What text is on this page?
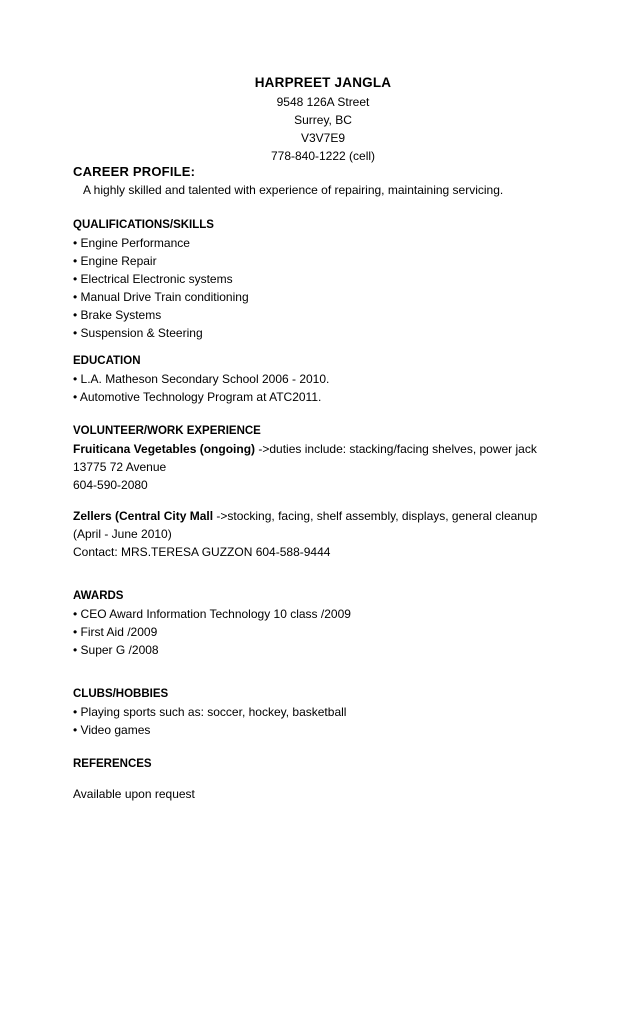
HARPREET JANGLA
9548 126A Street
Surrey, BC
V3V7E9
778-840-1222 (cell)
CAREER PROFILE:
A highly skilled and talented with experience of repairing, maintaining servicing.
QUALIFICATIONS/SKILLS
• Engine Performance
• Engine Repair
• Electrical Electronic systems
• Manual Drive Train conditioning
• Brake Systems
• Suspension & Steering
EDUCATION
• L.A. Matheson Secondary School 2006 - 2010.
• Automotive Technology Program at ATC2011.
VOLUNTEER/WORK EXPERIENCE
Fruiticana Vegetables (ongoing) ->duties include: stacking/facing shelves, power jack
13775 72 Avenue
604-590-2080
Zellers (Central City Mall ->stocking, facing, shelf assembly, displays, general cleanup
(April - June 2010)
Contact: MRS.TERESA GUZZON 604-588-9444
AWARDS
• CEO Award Information Technology 10 class /2009
• First Aid /2009
• Super G /2008
CLUBS/HOBBIES
• Playing sports such as: soccer, hockey, basketball
• Video games
REFERENCES
Available upon request
